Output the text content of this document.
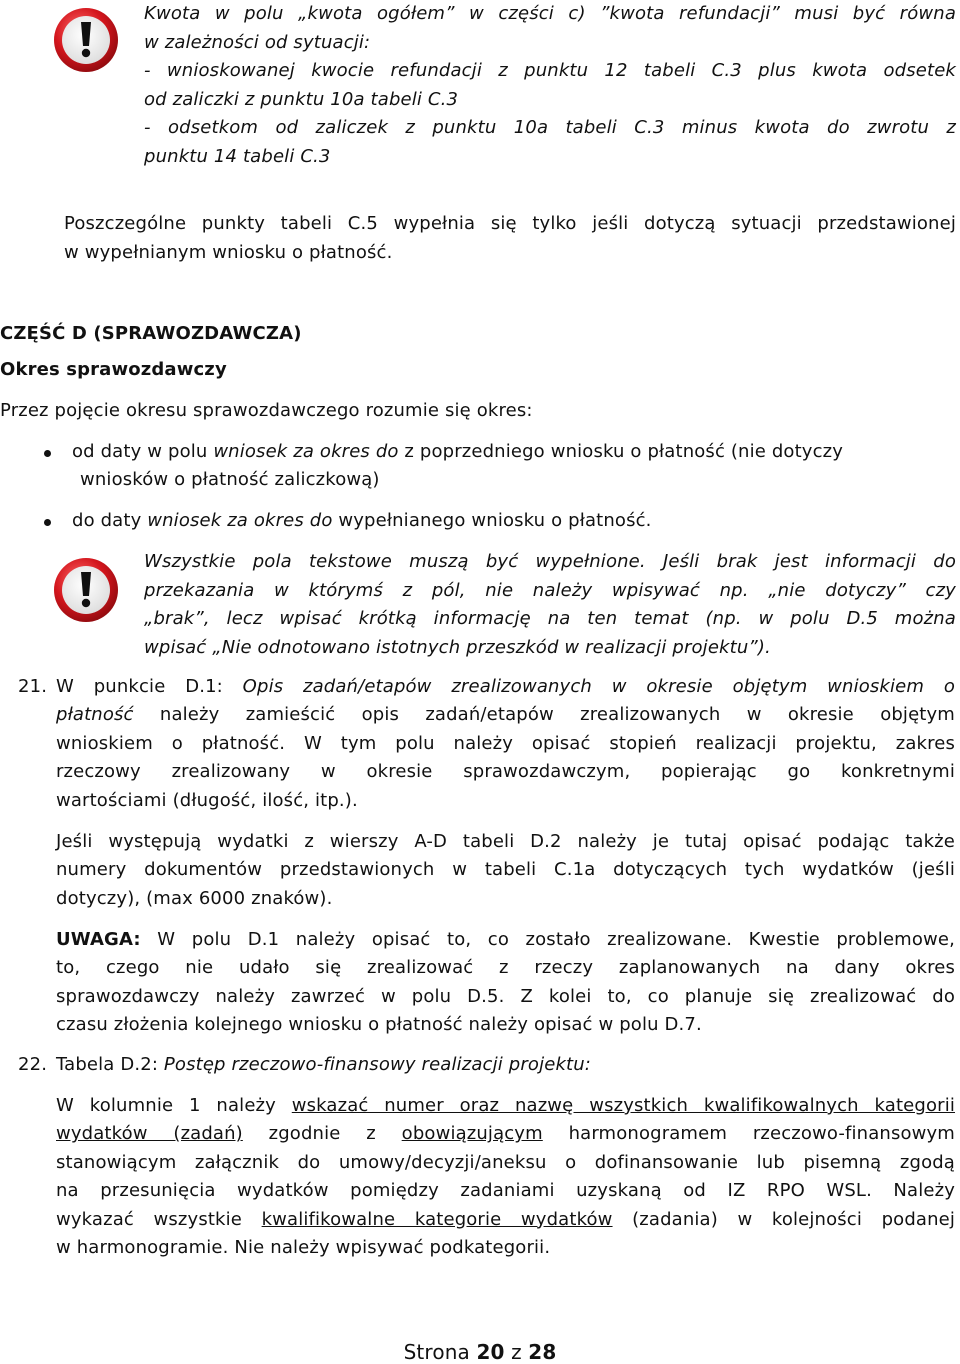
Kwota w polu „kwota ogółem” w części c) ”kwota refundacji” musi być równa
w zależności od sytuacji:
- wnioskowanej kwocie refundacji z punktu 12 tabeli C.3 plus kwota odsetek
od zaliczki z punktu 10a tabeli C.3
- odsetkom od zaliczek z punktu 10a tabeli C.3 minus kwota do zwrotu z
punktu 14 tabeli C.3
Poszczególne punkty tabeli C.5 wypełnia się tylko jeśli dotyczą sytuacji przedstawionej
w wypełnianym wniosku o płatność.
CZĘŚĆ D (SPRAWOZDAWCZA)
Okres sprawozdawczy
Przez pojęcie okresu sprawozdawczego rozumie się okres:
od daty w polu wniosek za okres do z poprzedniego wniosku o płatność (nie dotyczy
wniosków o płatność zaliczkową)
do daty wniosek za okres do wypełnianego wniosku o płatność.
Wszystkie pola tekstowe muszą być wypełnione. Jeśli brak jest informacji do
przekazania w którymś z pól, nie należy wpisywać np. „nie dotyczy” czy
„brak”, lecz wpisać krótką informację na ten temat (np. w polu D.5 można
wpisać „Nie odnotowano istotnych przeszkód w realizacji projektu”).
21. W punkcie D.1: Opis zadań/etapów zrealizowanych w okresie objętym wnioskiem o
płatność należy zamieścić opis zadań/etapów zrealizowanych w okresie objętym
wnioskiem o płatność. W tym polu należy opisać stopień realizacji projektu, zakres
rzeczowy zrealizowany w okresie sprawozdawczym, popierając go konkretnymi
wartościami (długość, ilość, itp.).
Jeśli występują wydatki z wierszy A-D tabeli D.2 należy je tutaj opisać podając także
numery dokumentów przedstawionych w tabeli C.1a dotyczących tych wydatków (jeśli
dotyczy), (max 6000 znaków).
UWAGA: W polu D.1 należy opisać to, co zostało zrealizowane. Kwestie problemowe,
to, czego nie udało się zrealizować z rzeczy zaplanowanych na dany okres
sprawozdawczy należy zawrzeć w polu D.5. Z kolei to, co planuje się zrealizować do
czasu złożenia kolejnego wniosku o płatność należy opisać w polu D.7.
22. Tabela D.2: Postęp rzeczowo-finansowy realizacji projektu:
W kolumnie 1 należy wskazać numer oraz nazwę wszystkich kwalifikowalnych kategorii
wydatków (zadań) zgodnie z obowiązującym harmonogramem rzeczowo-finansowym
stanowiącym załącznik do umowy/decyzji/aneksu o dofinansowanie lub pisemną zgodą
na przesunięcia wydatków pomiędzy zadaniami uzyskaną od IZ RPO WSL. Należy
wykazać wszystkie kwalifikowalne kategorie wydatków (zadania) w kolejności podanej
w harmonogramie. Nie należy wpisywać podkategorii.
Strona 20 z 28
